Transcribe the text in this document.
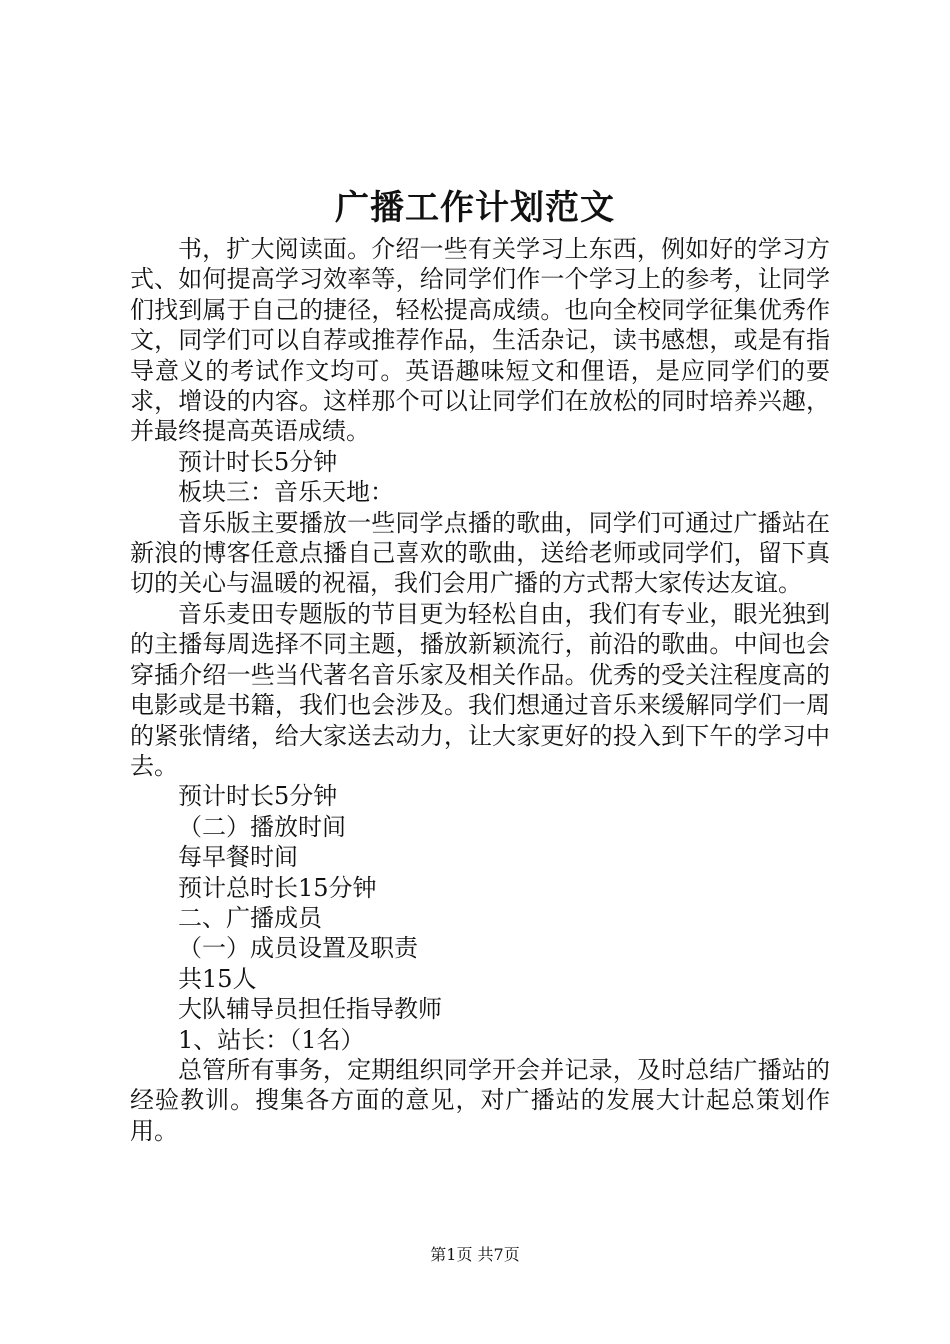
广播工作计划范文

书，扩大阅读面。介绍一些有关学习上东西，例如好的学习方式、如何提高学习效率等，给同学们作一个学习上的参考，让同学们找到属于自己的捷径，轻松提高成绩。也向全校同学征集优秀作文，同学们可以自荐或推荐作品，生活杂记，读书感想，或是有指导意义的考试作文均可。英语趣味短文和俚语，是应同学们的要求，增设的内容。这样那个可以让同学们在放松的同时培养兴趣，并最终提高英语成绩。

预计时长5分钟

板块三：音乐天地：

音乐版主要播放一些同学点播的歌曲，同学们可通过广播站在新浪的博客任意点播自己喜欢的歌曲，送给老师或同学们，留下真切的关心与温暖的祝福，我们会用广播的方式帮大家传达友谊。

音乐麦田专题版的节目更为轻松自由，我们有专业，眼光独到的主播每周选择不同主题，播放新颖流行，前沿的歌曲。中间也会穿插介绍一些当代著名音乐家及相关作品。优秀的受关注程度高的电影或是书籍，我们也会涉及。我们想通过音乐来缓解同学们一周的紧张情绪，给大家送去动力，让大家更好的投入到下午的学习中去。

预计时长5分钟

（二）播放时间

每早餐时间

预计总时长15分钟

二、广播成员

（一）成员设置及职责

共15人

大队辅导员担任指导教师

1、站长：（1名）

总管所有事务，定期组织同学开会并记录，及时总结广播站的经验教训。搜集各方面的意见，对广播站的发展大计起总策划作用。

第1页 共7页
